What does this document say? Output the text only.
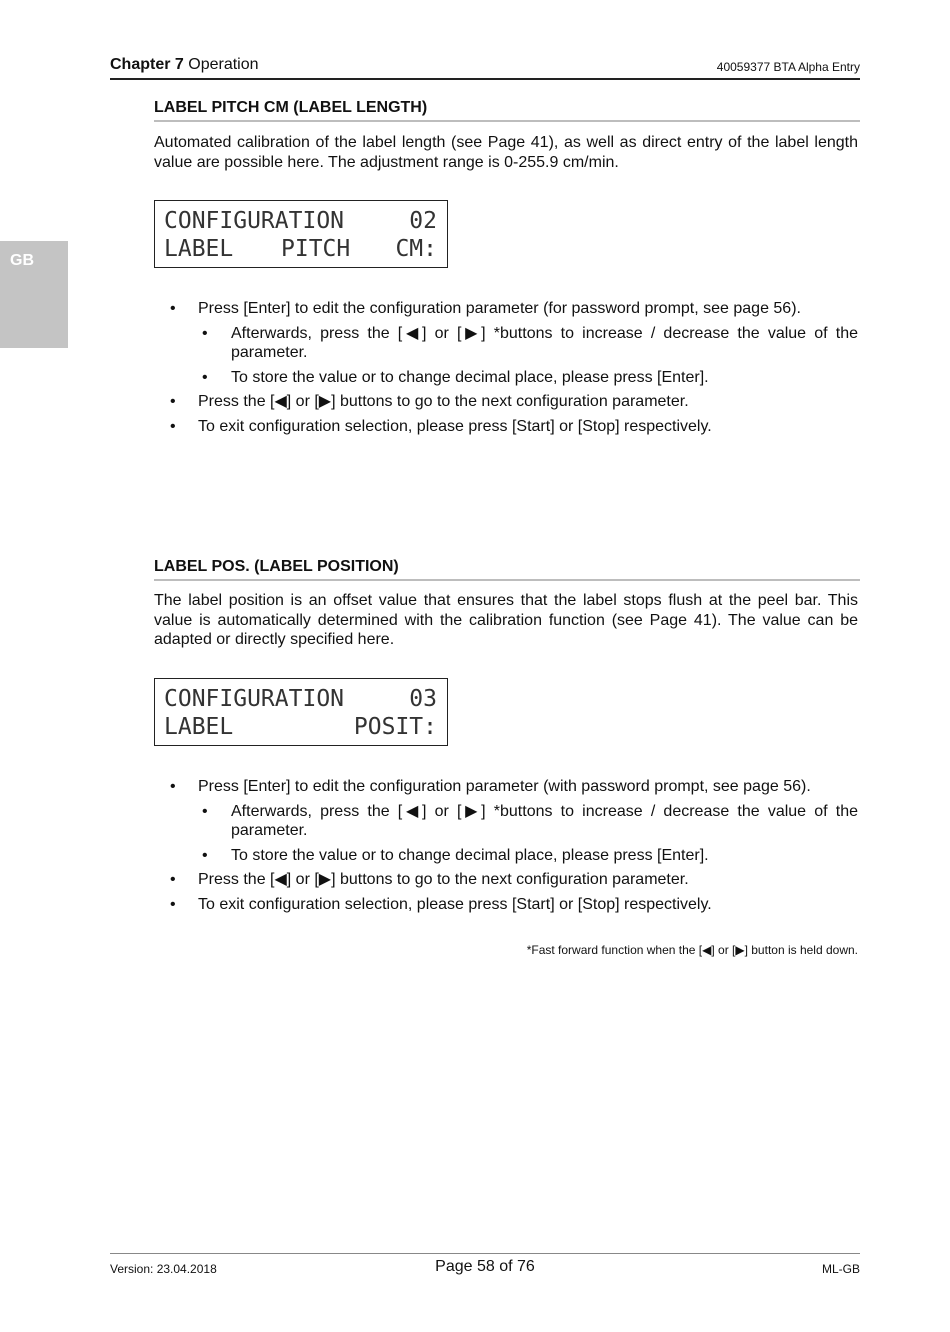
Chapter 7 Operation	40059377 BTA Alpha Entry
GB
LABEL PITCH CM (LABEL LENGTH)
Automated calibration of the label length (see Page 41), as well as direct entry of the label length value are possible here. The adjustment range is 0-255.9 cm/min.
CONFIGURATION	02
LABEL PITCH CM:
• Press [Enter] to edit the configuration parameter (for password prompt, see page 56).
• Afterwards, press the [◀] or [▶] *buttons to increase / decrease the value of the parameter.
• To store the value or to change decimal place, please press [Enter].
• Press the [◀] or [▶] buttons to go to the next configuration parameter.
• To exit configuration selection, please press [Start] or [Stop] respectively.
LABEL POS. (LABEL POSITION)
The label position is an offset value that ensures that the label stops flush at the peel bar. This value is automatically determined with the calibration function (see Page 41). The value can be adapted or directly specified here.
CONFIGURATION	03
LABEL	POSIT:
• Press [Enter] to edit the configuration parameter (with password prompt, see page 56).
• Afterwards, press the [◀] or [▶] *buttons to increase / decrease the value of the parameter.
• To store the value or to change decimal place, please press [Enter].
• Press the [◀] or [▶] buttons to go to the next configuration parameter.
• To exit configuration selection, please press [Start] or [Stop] respectively.
*Fast forward function when the [◀] or [▶] button is held down.
Version: 23.04.2018	Page 58 of 76	ML-GB
